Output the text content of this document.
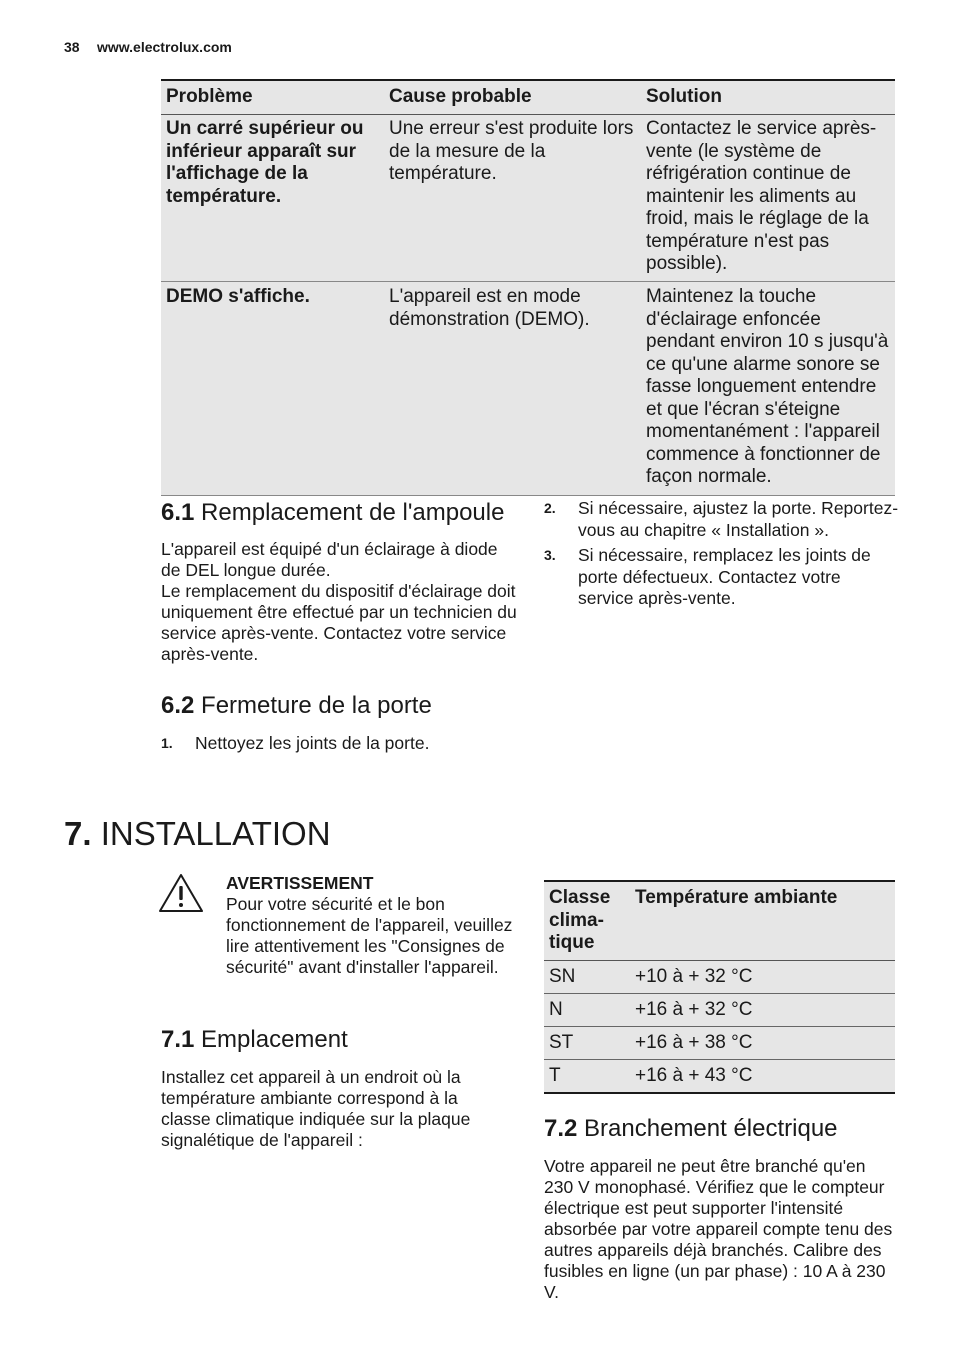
38 www.electrolux.com
Problème	Cause probable	Solution
Un carré supérieur ou inférieur apparaît sur l'affichage de la température.	Une erreur s'est produite lors de la mesure de la température.	Contactez le service après-vente (le système de réfrigération continue de maintenir les aliments au froid, mais le réglage de la température n'est pas possible).
DEMO s'affiche.	L'appareil est en mode démonstration (DEMO).	Maintenez la touche d'éclairage enfoncée pendant environ 10 s jusqu'à ce qu'une alarme sonore se fasse longuement entendre et que l'écran s'éteigne momentanément : l'appareil commence à fonctionner de façon normale.
6.1 Remplacement de l'ampoule
L'appareil est équipé d'un éclairage à diode de DEL longue durée.
Le remplacement du dispositif d'éclairage doit uniquement être effectué par un technicien du service après-vente. Contactez votre service après-vente.
2. Si nécessaire, ajustez la porte. Reportez-vous au chapitre « Installation ».
3. Si nécessaire, remplacez les joints de porte défectueux. Contactez votre service après-vente.
6.2 Fermeture de la porte
1. Nettoyez les joints de la porte.
7. INSTALLATION
AVERTISSEMENT
Pour votre sécurité et le bon fonctionnement de l'appareil, veuillez lire attentivement les "Consignes de sécurité" avant d'installer l'appareil.
7.1 Emplacement
Installez cet appareil à un endroit où la température ambiante correspond à la classe climatique indiquée sur la plaque signalétique de l'appareil :
Classe
clima-
tique	Température ambiante
SN	+10 à + 32 °C
N	+16 à + 32 °C
ST	+16 à + 38 °C
T	+16 à + 43 °C
7.2 Branchement électrique
Votre appareil ne peut être branché qu'en 230 V monophasé. Vérifiez que le compteur électrique est peut supporter l'intensité absorbée par votre appareil compte tenu des autres appareils déjà branchés. Calibre des fusibles en ligne (un par phase) : 10 A à 230 V.
